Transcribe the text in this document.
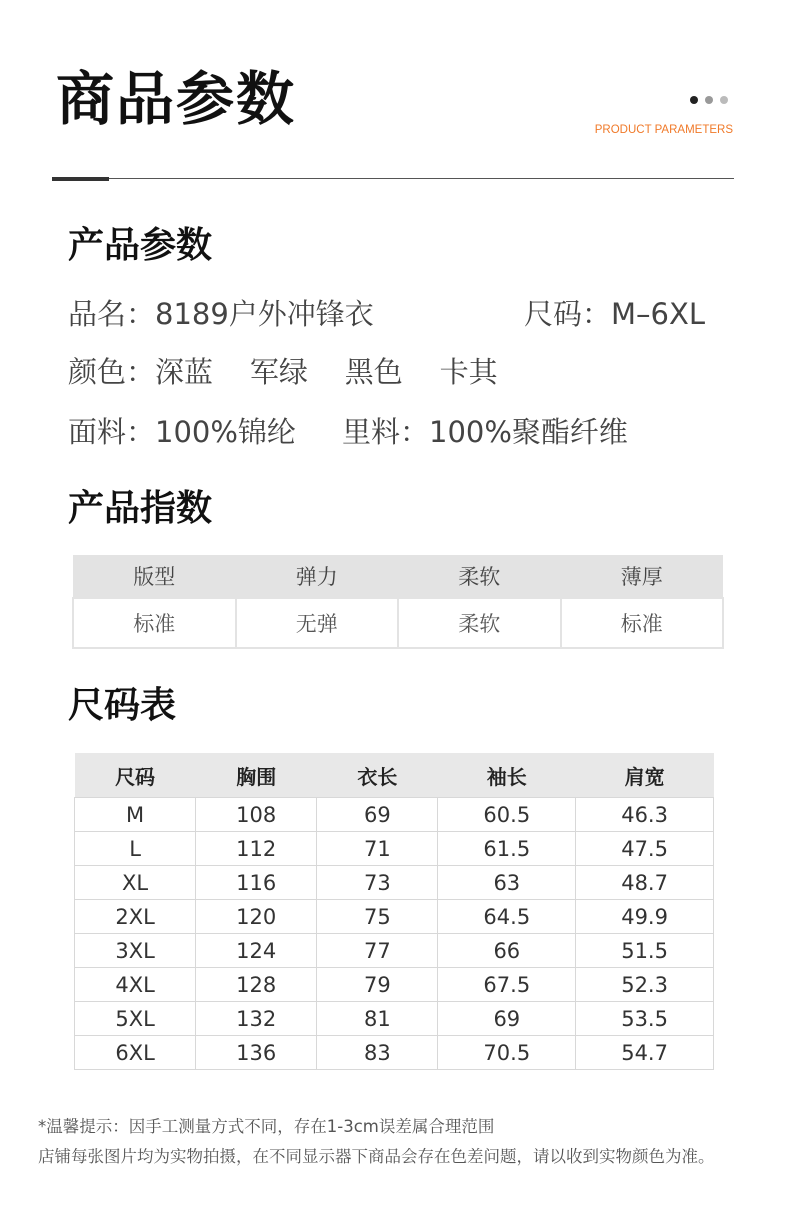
商品参数	PRODUCT PARAMETERS
产品参数
品名：8189户外冲锋衣	尺码：M–6XL
颜色：深蓝    军绿    黑色    卡其
面料：100%锦纶 里料：100%聚酯纤维
产品指数
版型	弹力	柔软	薄厚
标准	无弹	柔软	标准
尺码表
尺码	胸围	衣长	袖长	肩宽
M	108	69	60.5	46.3
L	112	71	61.5	47.5
XL	116	73	63	48.7
2XL	120	75	64.5	49.9
3XL	124	77	66	51.5
4XL	128	79	67.5	52.3
5XL	132	81	69	53.5
6XL	136	83	70.5	54.7
*温馨提示：因手工测量方式不同，存在1-3cm误差属合理范围
店铺每张图片均为实物拍摄，在不同显示器下商品会存在色差问题，请以收到实物颜色为准。
